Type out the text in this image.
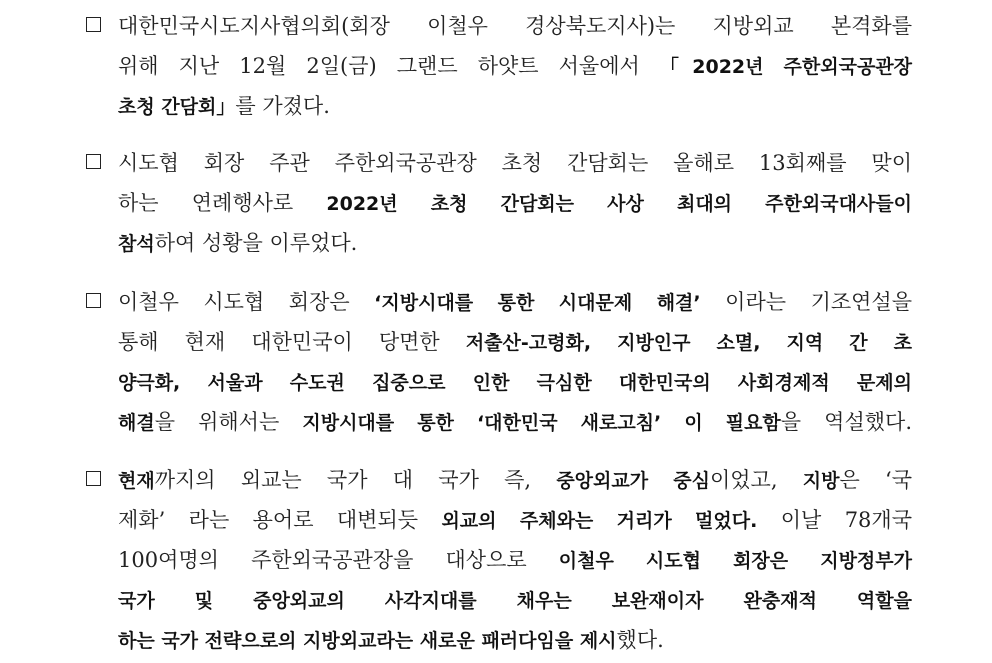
대한민국시도지사협의회(회장 이철우 경상북도지사)는 지방외교 본격화를
위해 지난 12월 2일(금) 그랜드 하얏트 서울에서 「2022년 주한외국공관장
초청 간담회」를 가졌다.
시도협 회장 주관 주한외국공관장 초청 간담회는 올해로 13회째를 맞이
하는 연례행사로 2022년 초청 간담회는 사상 최대의 주한외국대사들이
참석하여 성황을 이루었다.
이철우 시도협 회장은 ‘지방시대를 통한 시대문제 해결’ 이라는 기조연설을
통해 현재 대한민국이 당면한 저출산-고령화, 지방인구 소멸, 지역 간 초
양극화, 서울과 수도권 집중으로 인한 극심한 대한민국의 사회경제적 문제의
해결을 위해서는 지방시대를 통한 ‘대한민국 새로고침’ 이 필요함을 역설했다.
현재까지의 외교는 국가 대 국가 즉, 중앙외교가 중심이었고, 지방은 ‘국
제화’ 라는 용어로 대변되듯 외교의 주체와는 거리가 멀었다. 이날 78개국
100여명의 주한외국공관장을 대상으로 이철우 시도협 회장은 지방정부가
국가 및 중앙외교의 사각지대를 채우는 보완재이자 완충재적 역할을
하는 국가 전략으로의 지방외교라는 새로운 패러다임을 제시했다.
